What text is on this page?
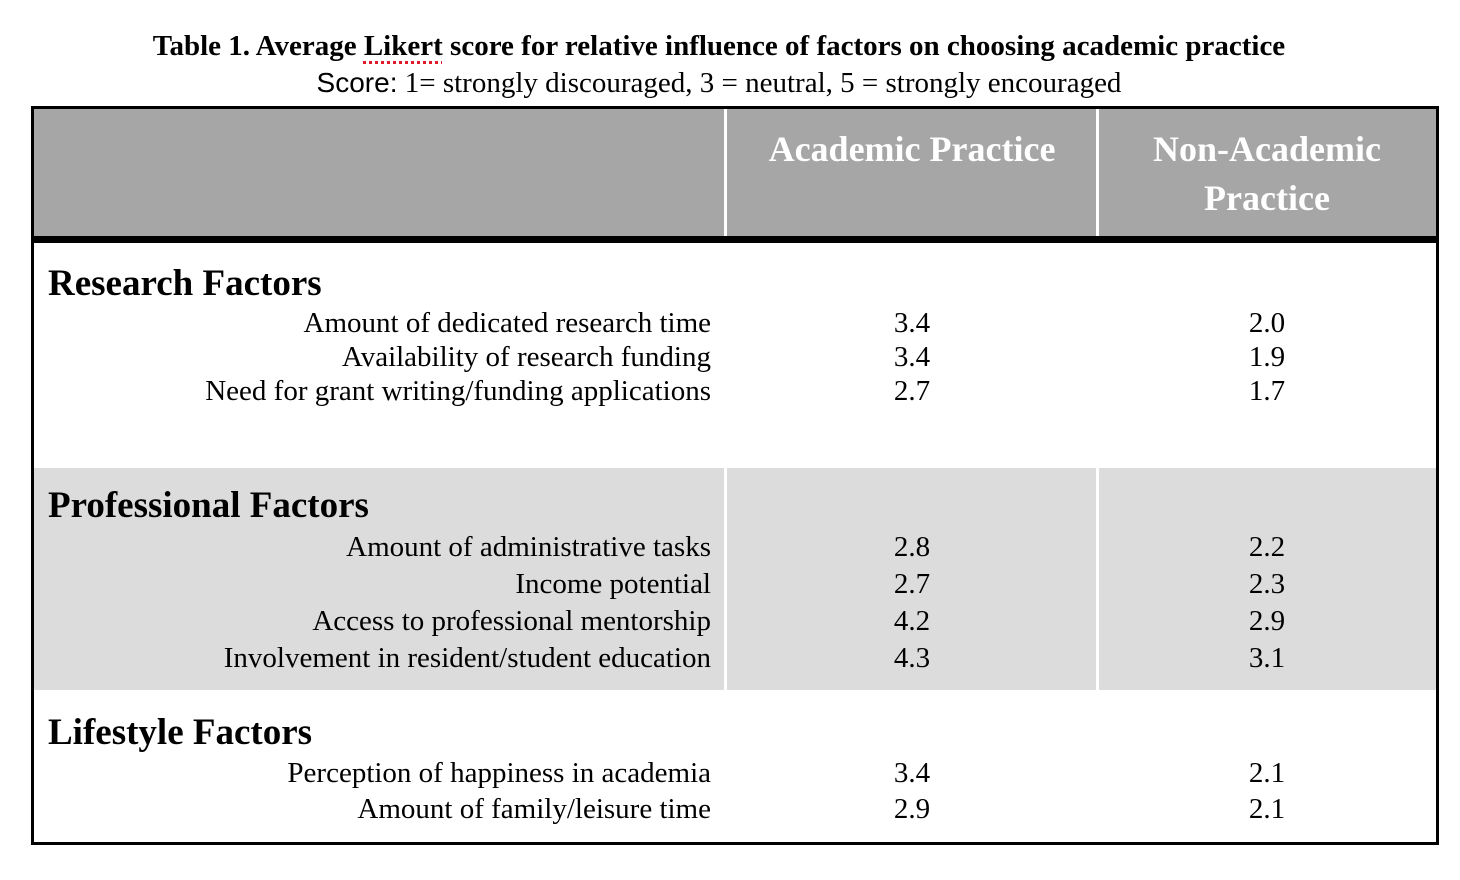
Table 1. Average Likert score for relative influence of factors on choosing academic practice
Score: 1= strongly discouraged, 3 = neutral, 5 = strongly encouraged
Academic Practice	Non-Academic
Practice
Research Factors
Amount of dedicated research time	3.4	2.0
Availability of research funding	3.4	1.9
Need for grant writing/funding applications	2.7	1.7
Professional Factors
Amount of administrative tasks	2.8	2.2
Income potential	2.7	2.3
Access to professional mentorship	4.2	2.9
Involvement in resident/student education	4.3	3.1
Lifestyle Factors
Perception of happiness in academia	3.4	2.1
Amount of family/leisure time	2.9	2.1
